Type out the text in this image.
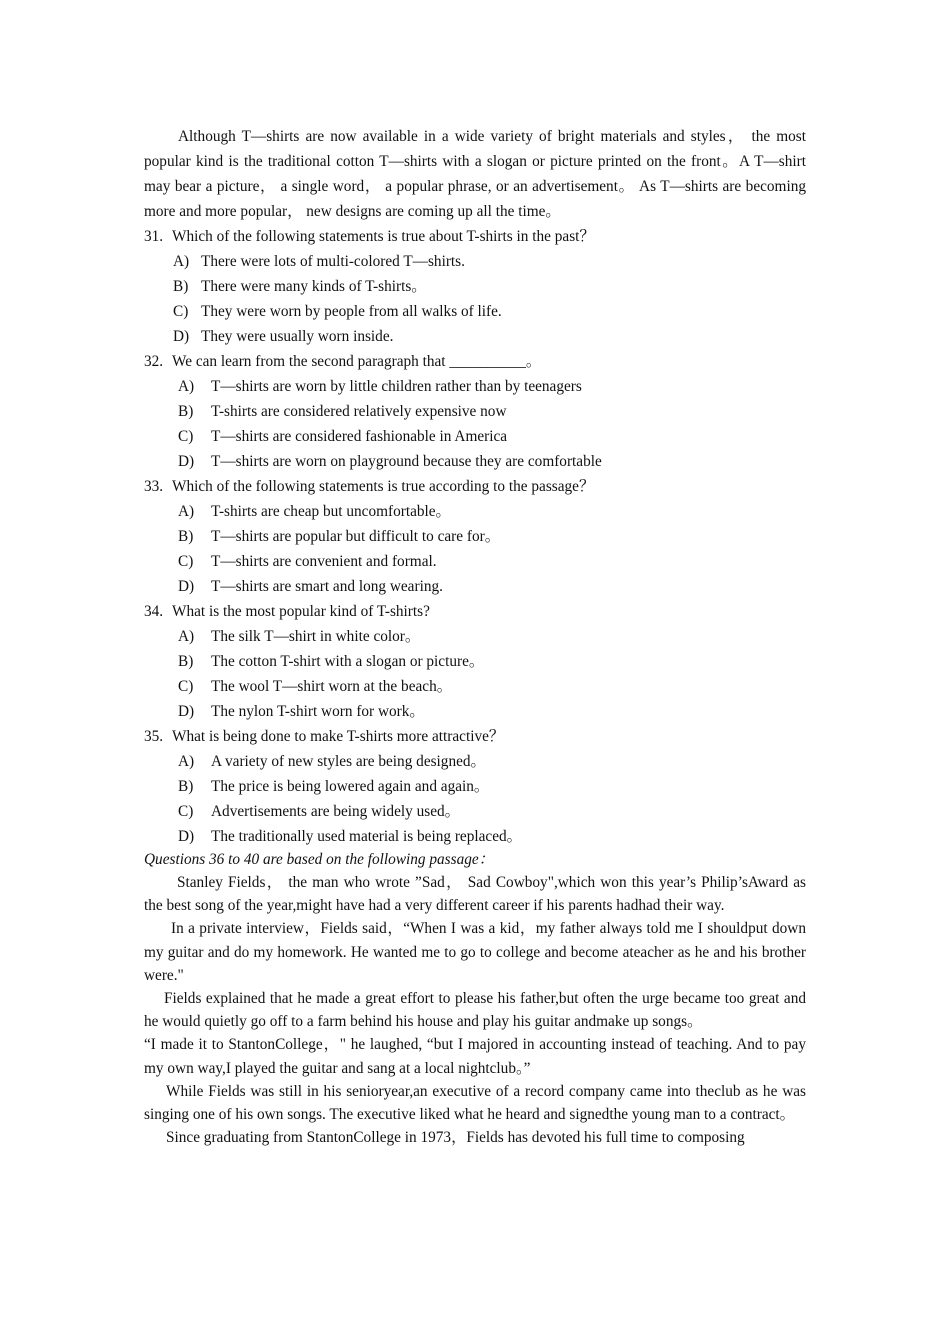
Although T—shirts are now available in a wide variety of bright materials and styles， the most popular kind is the traditional cotton T—shirts with a slogan or picture printed on the front。A T—shirt may bear a picture， a single word， a popular phrase, or an advertisement。 As T—shirts are becoming more and more popular， new designs are coming up all the time。

31. Which of the following statements is true about T-shirts in the past？

A) There were lots of multi-colored T—shirts.

B) There were many kinds of T-shirts。

C) They were worn by people from all walks of life.

D) They were usually worn inside.

32. We can learn from the second paragraph that __________。

A) T—shirts are worn by little children rather than by teenagers

B) T-shirts are considered relatively expensive now

C) T—shirts are considered fashionable in America

D) T—shirts are worn on playground because they are comfortable

33. Which of the following statements is true according to the passage？

A) T-shirts are cheap but uncomfortable。

B) T—shirts are popular but difficult to care for。

C) T—shirts are convenient and formal.

D) T—shirts are smart and long wearing.

34. What is the most popular kind of T-shirts?

A) The silk T—shirt in white color。

B) The cotton T-shirt with a slogan or picture。

C) The wool T—shirt worn at the beach。

D) The nylon T-shirt worn for work。

35. What is being done to make T-shirts more attractive？

A) A variety of new styles are being designed。

B) The price is being lowered again and again。

C) Advertisements are being widely used。

D) The traditionally used material is being replaced。

Questions 36 to 40 are based on the following passage：

Stanley Fields， the man who wrote ”Sad， Sad Cowboy",which won this year’s Philip’sAward as the best song of the year,might have had a very different career if his parents hadhad their way.

In a private interview，Fields said，“When I was a kid，my father always told me I shouldput down my guitar and do my homework. He wanted me to go to college and become ateacher as he and his brother were."

Fields explained that he made a great effort to please his father,but often the urge became too great and he would quietly go off to a farm behind his house and play his guitar andmake up songs。

“I made it to StantonCollege，" he laughed, “but I majored in accounting instead of teaching. And to pay my own way,I played the guitar and sang at a local nightclub。”

While Fields was still in his senioryear,an executive of a record company came into theclub as he was singing one of his own songs. The executive liked what he heard and signedthe young man to a contract。

Since graduating from StantonCollege in 1973，Fields has devoted his full time to composing
